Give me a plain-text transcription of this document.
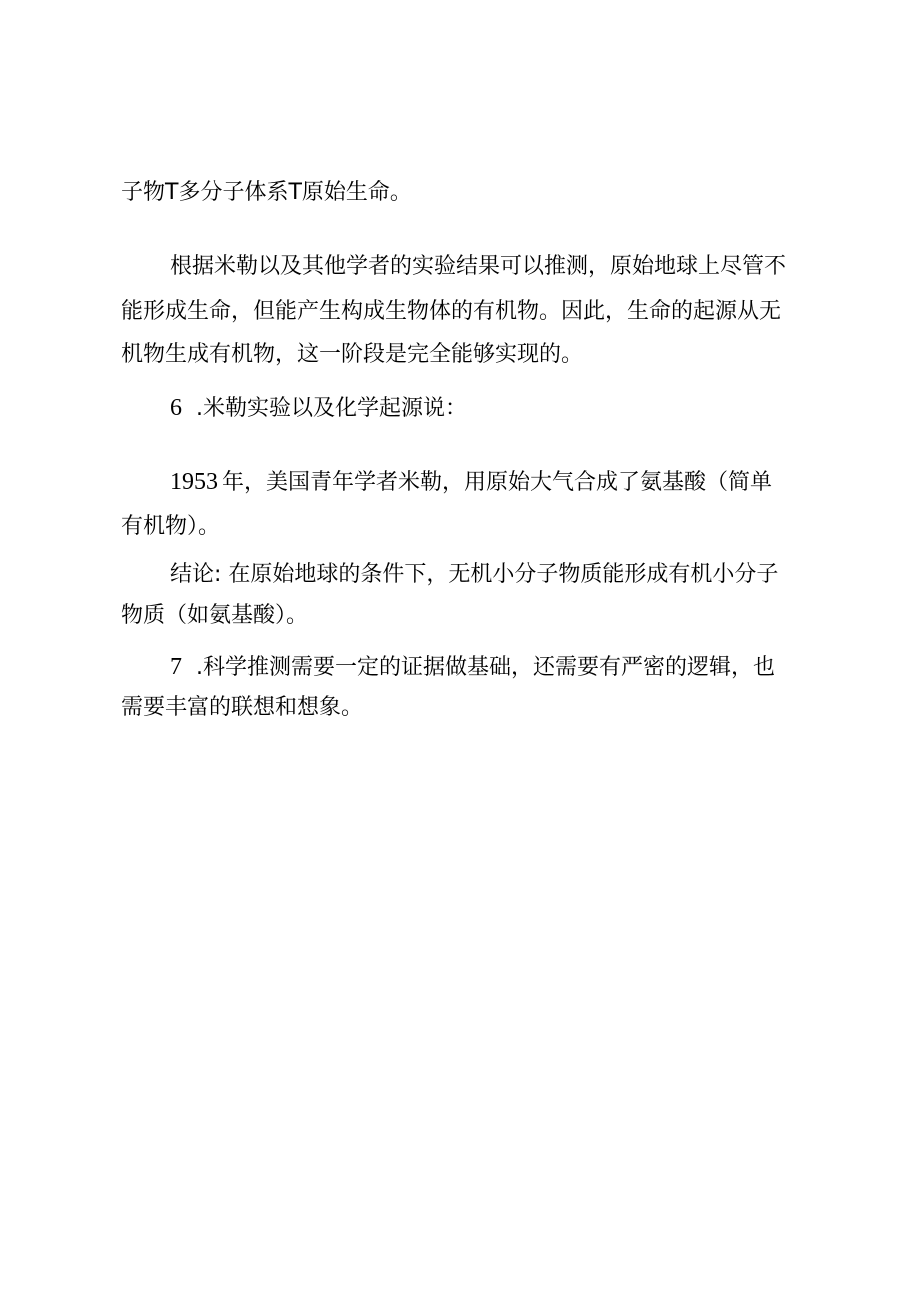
子物T多分子体系T原始生命。
根据米勒以及其他学者的实验结果可以推测，原始地球上尽管不
能形成生命，但能产生构成生物体的有机物。因此，生命的起源从无
机物生成有机物，这一阶段是完全能够实现的。
6 .米勒实验以及化学起源说：
1953 年，美国青年学者米勒，用原始大气合成了氨基酸（简单
有机物）。
结论: 在原始地球的条件下，无机小分子物质能形成有机小分子
物质（如氨基酸）。
7 .科学推测需要一定的证据做基础，还需要有严密的逻辑，也
需要丰富的联想和想象。
